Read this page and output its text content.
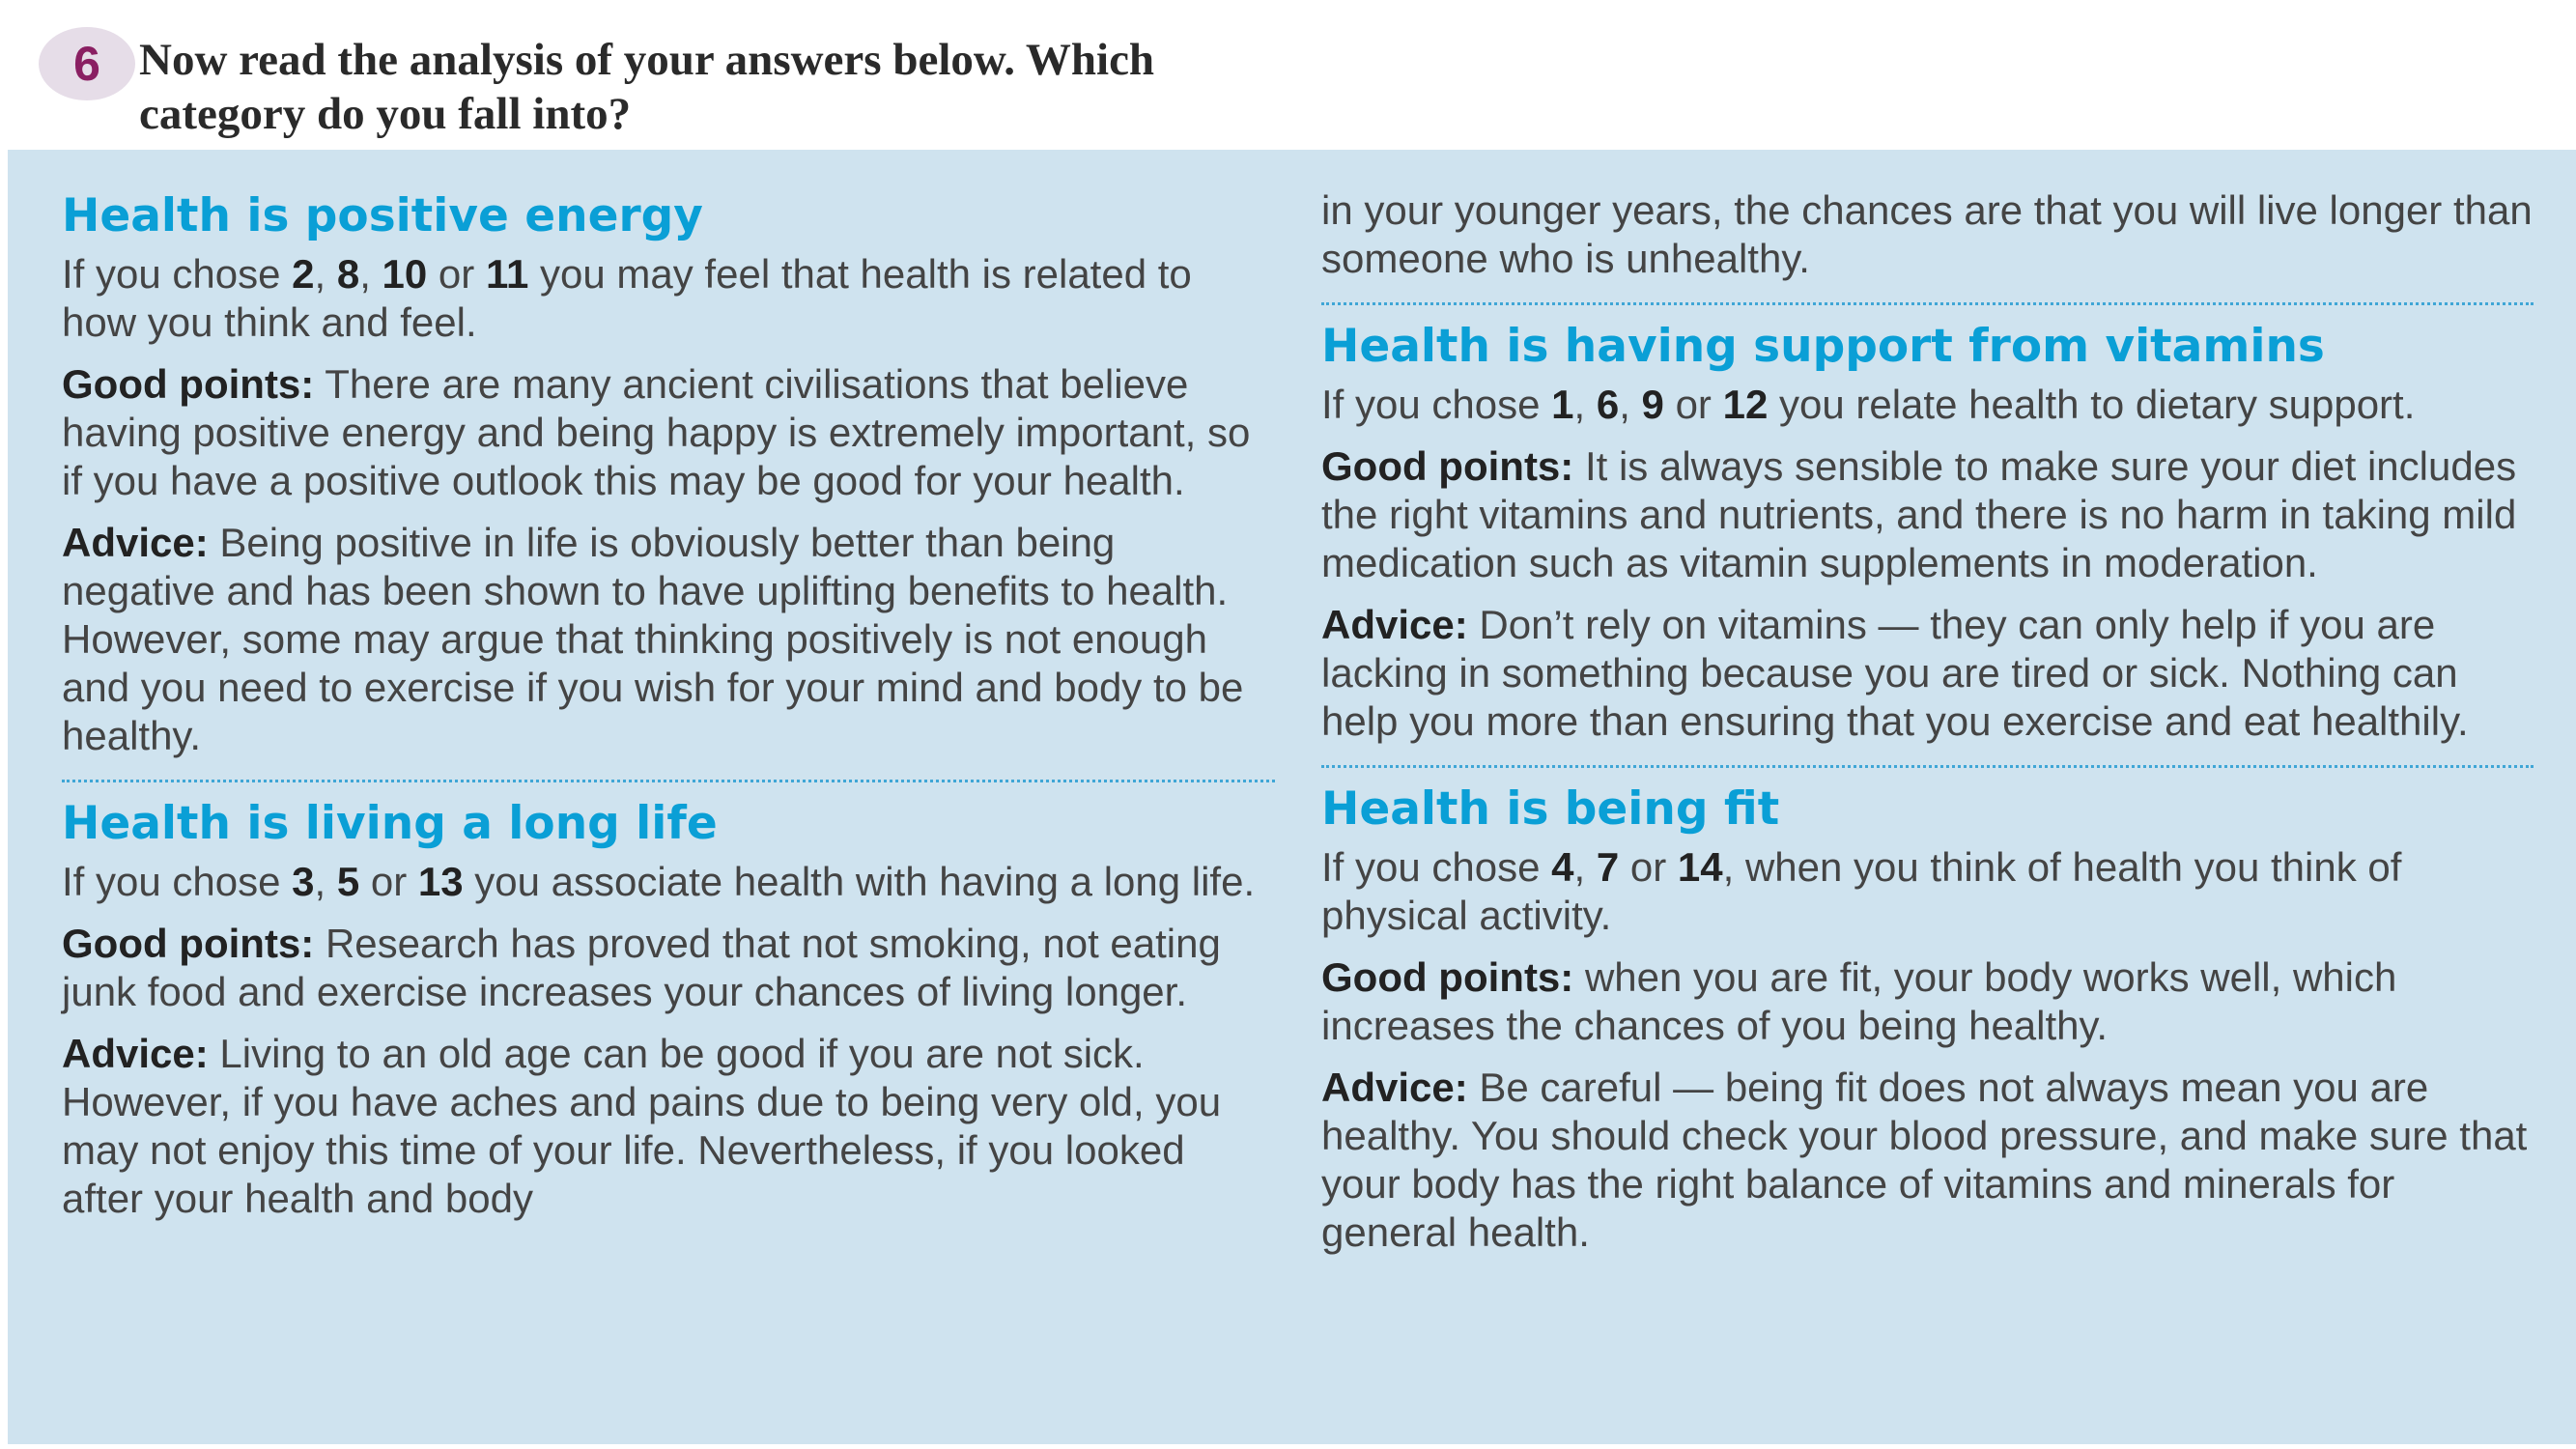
6 Now read the analysis of your answers below. Which category do you fall into?
Health is positive energy

If you chose 2, 8, 10 or 11 you may feel that health is related to how you think and feel.

Good points: There are many ancient civilisations that believe having positive energy and being happy is extremely important, so if you have a positive outlook this may be good for your health.

Advice: Being positive in life is obviously better than being negative and has been shown to have uplifting benefits to health. However, some may argue that thinking positively is not enough and you need to exercise if you wish for your mind and body to be healthy.

Health is living a long life

If you chose 3, 5 or 13 you associate health with having a long life.

Good points: Research has proved that not smoking, not eating junk food and exercise increases your chances of living longer.

Advice: Living to an old age can be good if you are not sick. However, if you have aches and pains due to being very old, you may not enjoy this time of your life. Nevertheless, if you looked after your health and body

in your younger years, the chances are that you will live longer than someone who is unhealthy.

Health is having support from vitamins

If you chose 1, 6, 9 or 12 you relate health to dietary support.

Good points: It is always sensible to make sure your diet includes the right vitamins and nutrients, and there is no harm in taking mild medication such as vitamin supplements in moderation.

Advice: Don’t rely on vitamins — they can only help if you are lacking in something because you are tired or sick. Nothing can help you more than ensuring that you exercise and eat healthily.

Health is being fit

If you chose 4, 7 or 14, when you think of health you think of physical activity.

Good points: when you are fit, your body works well, which increases the chances of you being healthy.

Advice: Be careful — being fit does not always mean you are healthy. You should check your blood pressure, and make sure that your body has the right balance of vitamins and minerals for general health.
